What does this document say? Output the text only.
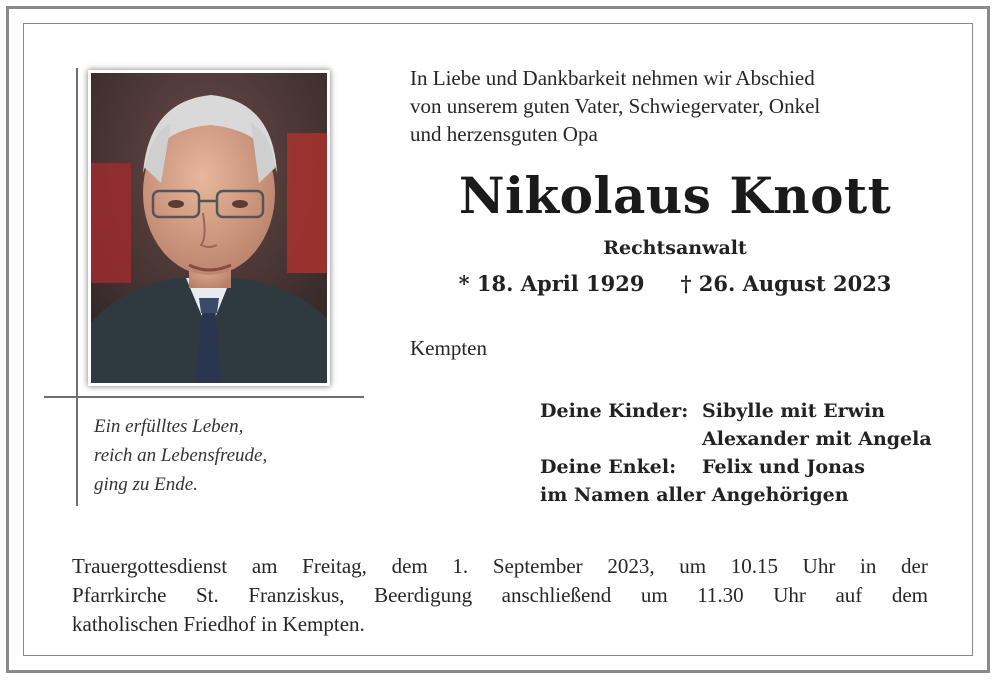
Ein erfülltes Leben,
reich an Lebensfreude,
ging zu Ende.
In Liebe und Dankbarkeit nehmen wir Abschied
von unserem guten Vater, Schwiegervater, Onkel
und herzensguten Opa
Nikolaus Knott
Rechtsanwalt
* 18. April 1929 † 26. August 2023
Kempten
Deine Kinder: Sibylle mit Erwin
Alexander mit Angela
Deine Enkel: Felix und Jonas
im Namen aller Angehörigen
Trauergottesdienst am Freitag, dem 1. September 2023, um 10.15 Uhr in der
Pfarrkirche St. Franziskus, Beerdigung anschließend um 11.30 Uhr auf dem
katholischen Friedhof in Kempten.
